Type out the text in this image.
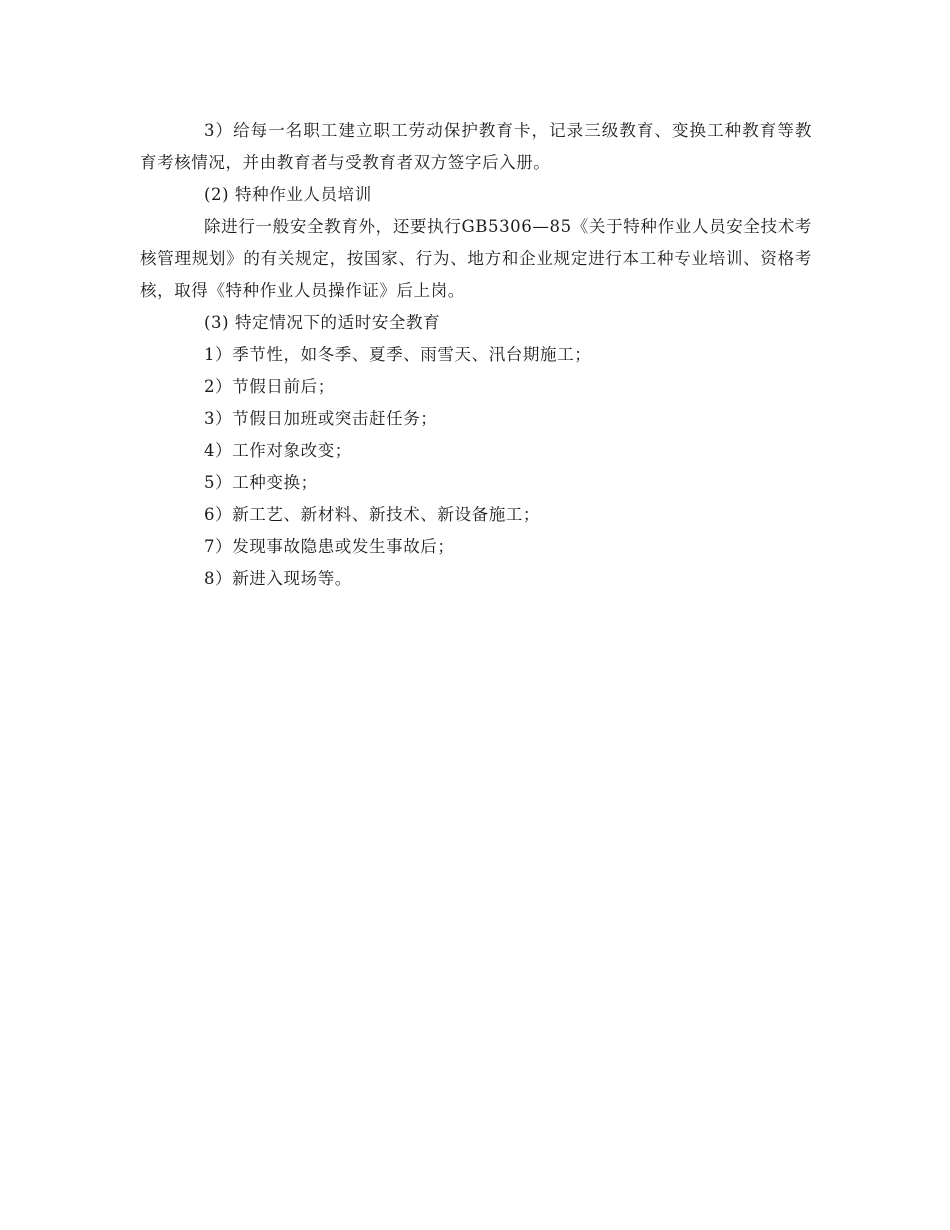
3）给每一名职工建立职工劳动保护教育卡，记录三级教育、变换工种教育等教育考核情况，并由教育者与受教育者双方签字后入册。

(2) 特种作业人员培训

除进行一般安全教育外，还要执行GB5306—85《关于特种作业人员安全技术考核管理规划》的有关规定，按国家、行为、地方和企业规定进行本工种专业培训、资格考核，取得《特种作业人员操作证》后上岗。

(3) 特定情况下的适时安全教育

1）季节性，如冬季、夏季、雨雪天、汛台期施工；

2）节假日前后；

3）节假日加班或突击赶任务；

4）工作对象改变；

5）工种变换；

6）新工艺、新材料、新技术、新设备施工；

7）发现事故隐患或发生事故后；

8）新进入现场等。
